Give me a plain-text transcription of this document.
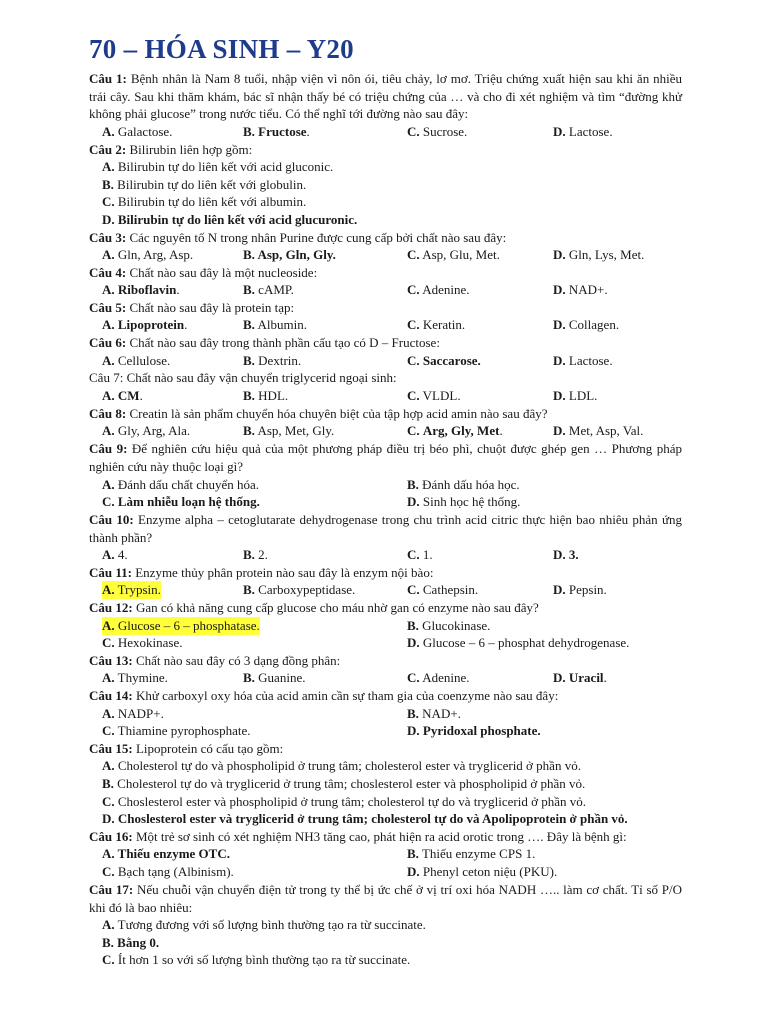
70 – HÓA SINH – Y20
Câu 1: Bệnh nhân là Nam 8 tuổi, nhập viện vì nôn ói, tiêu chảy, lơ mơ. Triệu chứng xuất hiện sau khi ăn nhiều trái cây. Sau khi thăm khám, bác sĩ nhận thấy bé có triệu chứng của … và cho đi xét nghiệm và tìm “đường khử không phải glucose” trong nước tiểu. Có thể nghĩ tới đường nào sau đây:
A. Galactose.	B. Fructose.	C. Sucrose.	D. Lactose.
Câu 2: Bilirubin liên hợp gồm:
A. Bilirubin tự do liên kết với acid gluconic.
B. Bilirubin tự do liên kết với globulin.
C. Bilirubin tự do liên kết với albumin.
D. Bilirubin tự do liên kết với acid glucuronic.
Câu 3: Các nguyên tố N trong nhân Purine được cung cấp bởi chất nào sau đây:
A. Gln, Arg, Asp.	B. Asp, Gln, Gly.	C. Asp, Glu, Met.	D. Gln, Lys, Met.
Câu 4: Chất nào sau đây là một nucleoside:
A. Riboflavin.	B. cAMP.	C. Adenine.	D. NAD+.
Câu 5: Chất nào sau đây là protein tạp:
A. Lipoprotein.	B. Albumin.	C. Keratin.	D. Collagen.
Câu 6: Chất nào sau đây trong thành phần cấu tạo có D – Fructose:
A. Cellulose.	B. Dextrin.	C. Saccarose.	D. Lactose.
Câu 7: Chất nào sau đây vận chuyển triglycerid ngoại sinh:
A. CM.	B. HDL.	C. VLDL.	D. LDL.
Câu 8: Creatin là sản phẩm chuyển hóa chuyên biệt của tập hợp acid amin nào sau đây?
A. Gly, Arg, Ala.	B. Asp, Met, Gly.	C. Arg, Gly, Met.	D. Met, Asp, Val.
Câu 9: Để nghiên cứu hiệu quả của một phương pháp điều trị béo phì, chuột được ghép gen … Phương pháp nghiên cứu này thuộc loại gì?
A. Đánh dấu chất chuyển hóa.	B. Đánh dấu hóa học.
C. Làm nhiễu loạn hệ thống.	D. Sinh học hệ thống.
Câu 10: Enzyme alpha – cetoglutarate dehydrogenase trong chu trình acid citric thực hiện bao nhiêu phản ứng thành phần?
A. 4.	B. 2.	C. 1.	D. 3.
Câu 11: Enzyme thủy phân protein nào sau đây là enzym nội bào:
A. Trypsin.	B. Carboxypeptidase.	C. Cathepsin.	D. Pepsin.
Câu 12: Gan có khả năng cung cấp glucose cho máu nhờ gan có enzyme nào sau đây?
A. Glucose – 6 – phosphatase.	B. Glucokinase.
C. Hexokinase.	D. Glucose – 6 – phosphat dehydrogenase.
Câu 13: Chất nào sau đây có 3 dạng đồng phân:
A. Thymine.	B. Guanine.	C. Adenine.	D. Uracil.
Câu 14: Khử carboxyl oxy hóa của acid amin cần sự tham gia của coenzyme nào sau đây:
A. NADP+.	B. NAD+.
C. Thiamine pyrophosphate.	D. Pyridoxal phosphate.
Câu 15: Lipoprotein có cấu tạo gồm:
A. Cholesterol tự do và phospholipid ở trung tâm; cholesterol ester và tryglicerid ở phần vỏ.
B. Cholesterol tự do và tryglicerid ở trung tâm; choslesterol ester và phospholipid ở phần vỏ.
C. Choslesterol ester và phospholipid ở trung tâm; cholesterol tự do và tryglicerid ở phần vỏ.
D. Choslesterol ester và tryglicerid ở trung tâm; cholesterol tự do và Apolipoprotein ở phần vỏ.
Câu 16: Một trẻ sơ sinh có xét nghiệm NH3 tăng cao, phát hiện ra acid orotic trong …. Đây là bệnh gì:
A. Thiếu enzyme OTC.	B. Thiếu enzyme CPS 1.
C. Bạch tạng (Albinism).	D. Phenyl ceton niệu (PKU).
Câu 17: Nếu chuỗi vận chuyển điện tử trong ty thể bị ức chế ở vị trí oxi hóa NADH ….. làm cơ chất. Tỉ số P/O khi đó là bao nhiêu:
A. Tương đương với số lượng bình thường tạo ra từ succinate.
B. Bằng 0.
C. Ít hơn 1 so với số lượng bình thường tạo ra từ succinate.
